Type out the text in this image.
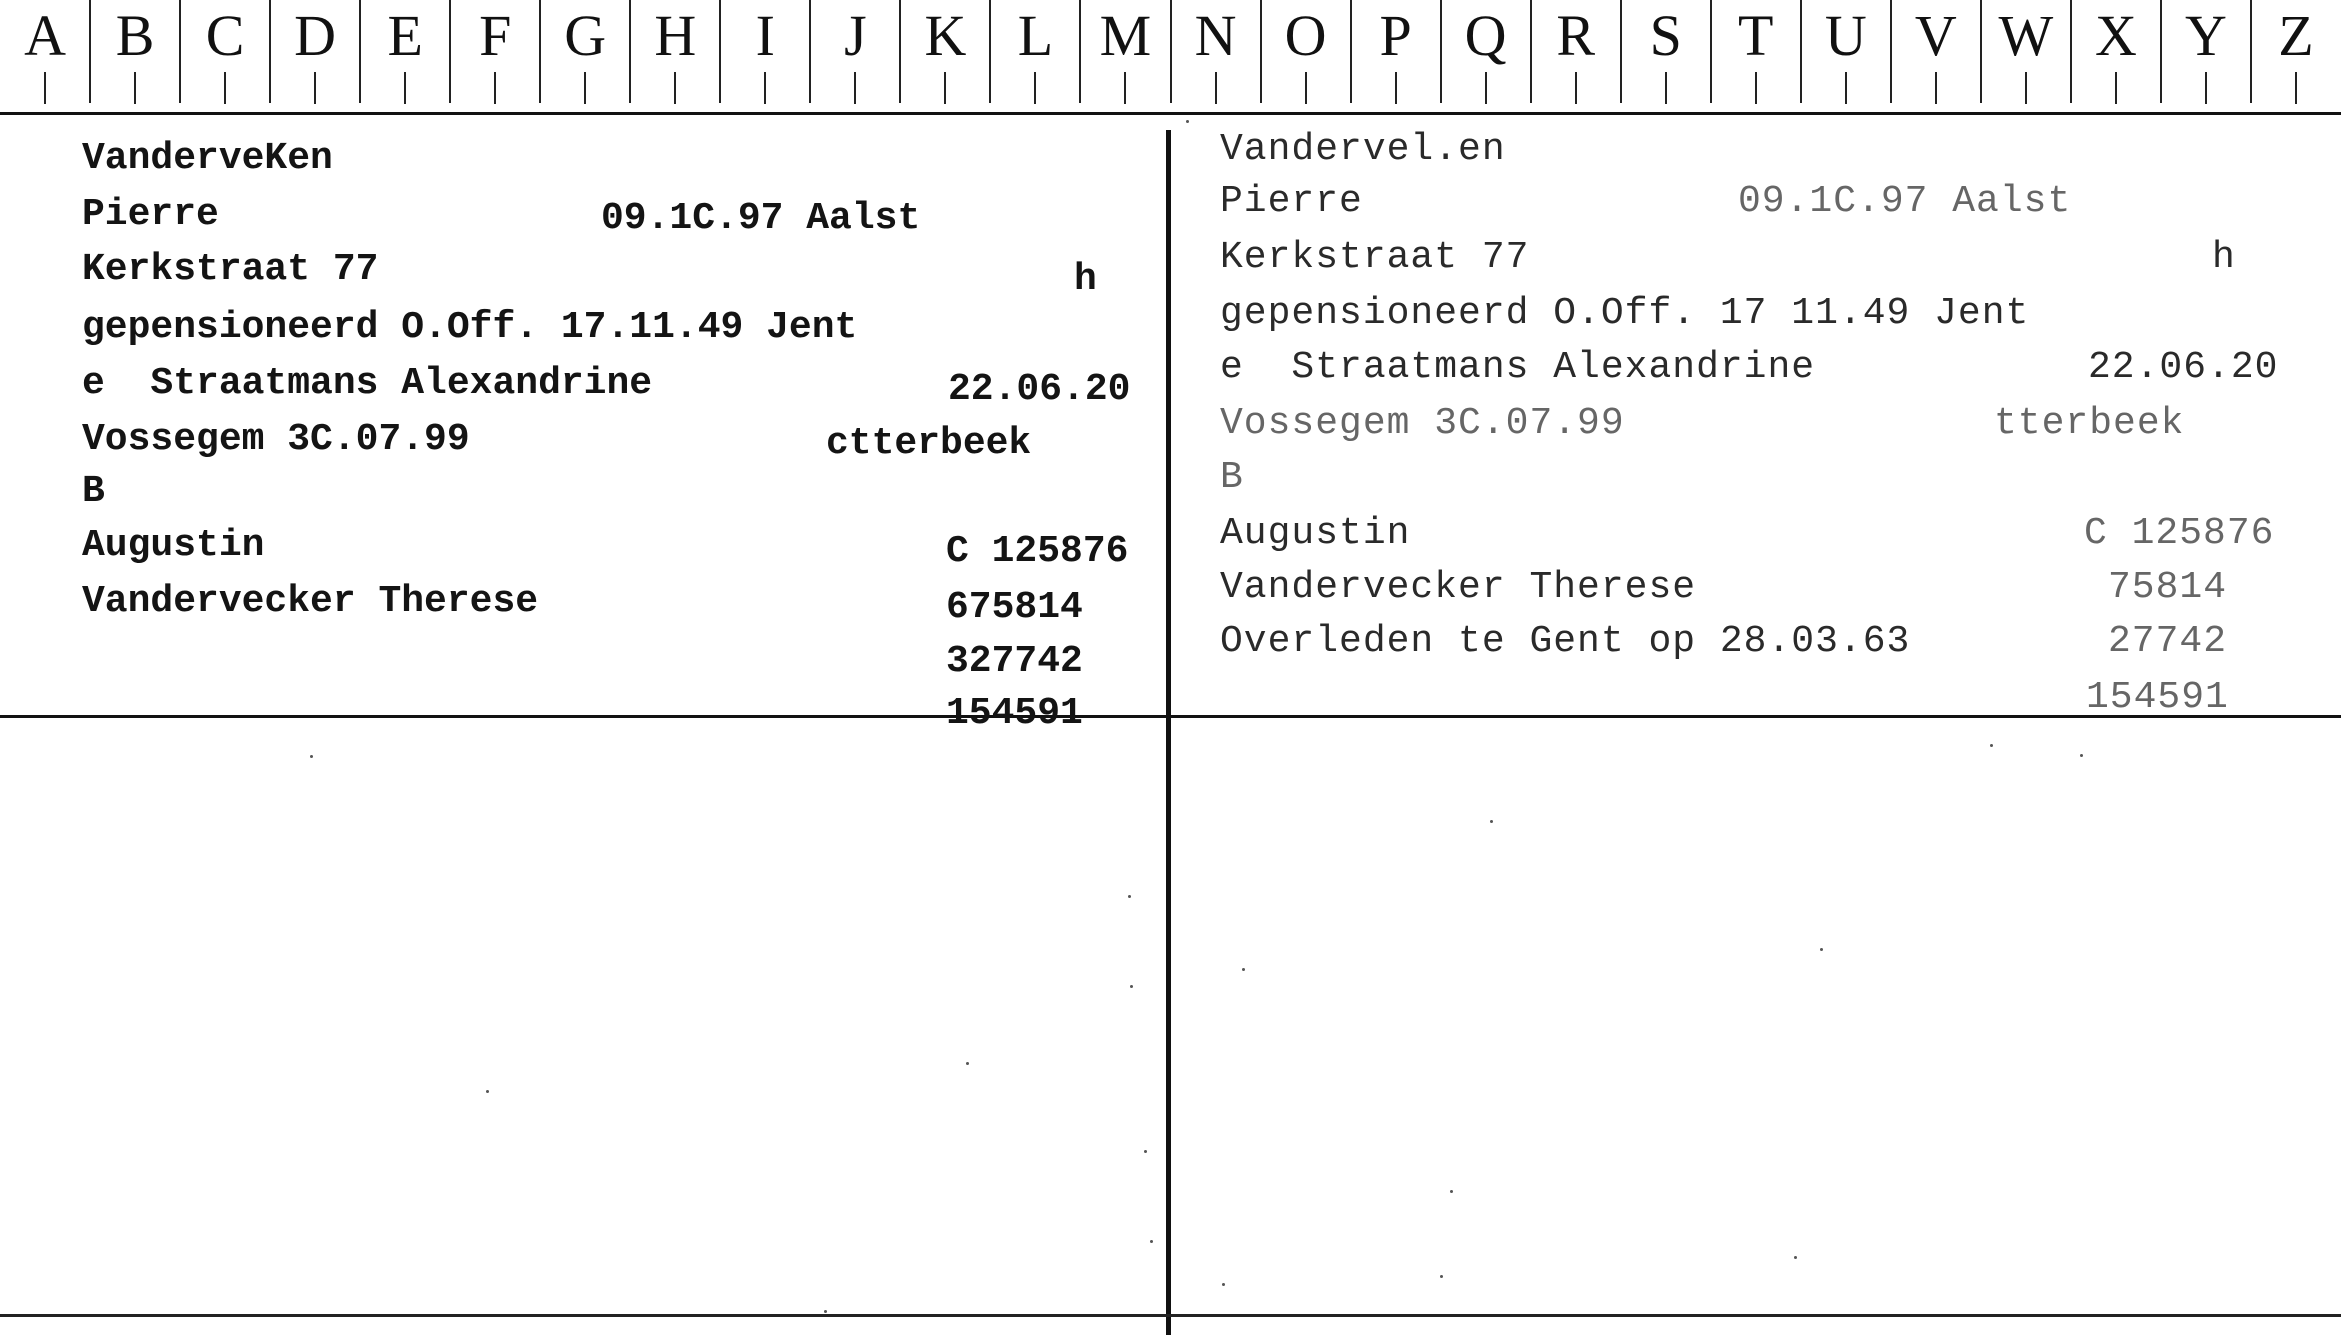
A B C D E F G H	I	J K L M N O P Q R S T U V W X Y Z
VanderveKen
Pierre	09.1C.97 Aalst
Kerkstraat 77	h
gepensioneerd O.Off. 17.11.49 Jent
e  Straatmans Alexandrine	22.06.20
Vossegem 3C.07.99	ctterbeek
B
Augustin	C 125876
Vandervecker Therese	675814
327742
154591
Vandervel.en
Pierre	09.1C.97 Aalst
Kerkstraat 77	h
gepensioneerd O.Off. 17 11.49 Jent
e  Straatmans Alexandrine	22.06.20
Vossegem 3C.07.99	tterbeek
B
Augustin	C 125876
Vandervecker Therese	75814
Overleden te Gent op 28.03.63	27742
154591
